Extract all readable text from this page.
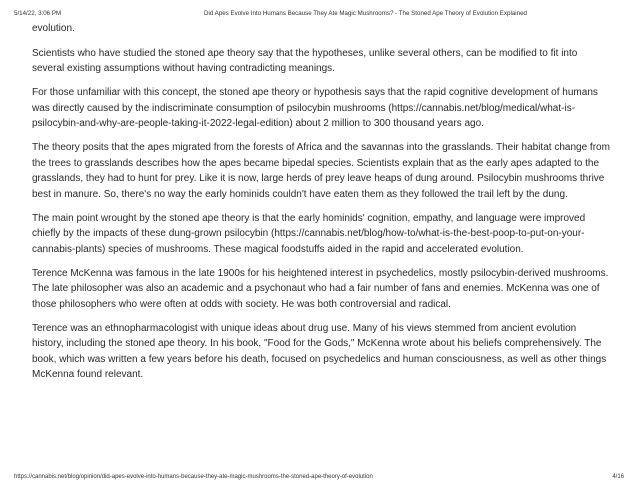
5/14/22, 3:06 PM	Did Apes Evolve Into Humans Because They Ate Magic Mushrooms? - The Stoned Ape Theory of Evolution Explained

evolution.

Scientists who have studied the stoned ape theory say that the hypotheses, unlike several others, can be modified to fit into several existing assumptions without having contradicting meanings.

For those unfamiliar with this concept, the stoned ape theory or hypothesis says that the rapid cognitive development of humans was directly caused by the indiscriminate consumption of psilocybin mushrooms (https://cannabis.net/blog/medical/what-is-psilocybin-and-why-are-people-taking-it-2022-legal-edition) about 2 million to 300 thousand years ago.

The theory posits that the apes migrated from the forests of Africa and the savannas into the grasslands. Their habitat change from the trees to grasslands describes how the apes became bipedal species. Scientists explain that as the early apes adapted to the grasslands, they had to hunt for prey. Like it is now, large herds of prey leave heaps of dung around. Psilocybin mushrooms thrive best in manure. So, there's no way the early hominids couldn't have eaten them as they followed the trail left by the dung.

The main point wrought by the stoned ape theory is that the early hominids' cognition, empathy, and language were improved chiefly by the impacts of these dung-grown psilocybin (https://cannabis.net/blog/how-to/what-is-the-best-poop-to-put-on-your-cannabis-plants) species of mushrooms. These magical foodstuffs aided in the rapid and accelerated evolution.

Terence McKenna was famous in the late 1900s for his heightened interest in psychedelics, mostly psilocybin-derived mushrooms. The late philosopher was also an academic and a psychonaut who had a fair number of fans and enemies. McKenna was one of those philosophers who were often at odds with society. He was both controversial and radical.

Terence was an ethnopharmacologist with unique ideas about drug use. Many of his views stemmed from ancient evolution history, including the stoned ape theory. In his book, "Food for the Gods," McKenna wrote about his beliefs comprehensively. The book, which was written a few years before his death, focused on psychedelics and human consciousness, as well as other things McKenna found relevant.

https://cannabis.net/blog/opinion/did-apes-evolve-into-humans-because-they-ate-magic-mushrooms-the-stoned-ape-theory-of-evolution	4/16
